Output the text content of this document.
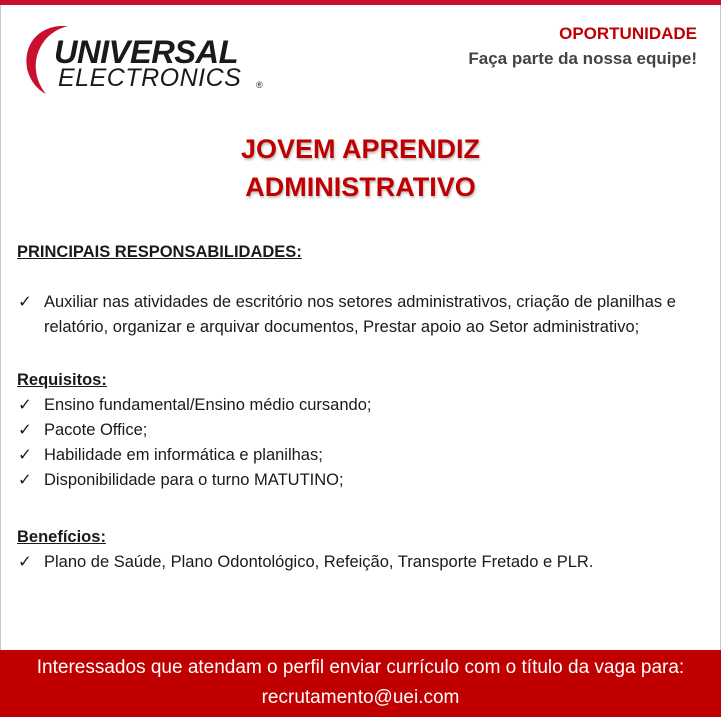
UNIVERSAL
ELECTRONICS ®
OPORTUNIDADE
Faça parte da nossa equipe!
JOVEM APRENDIZ
ADMINISTRATIVO
PRINCIPAIS RESPONSABILIDADES:
✓ Auxiliar nas atividades de escritório nos setores administrativos, criação de planilhas e relatório, organizar e arquivar documentos, Prestar apoio ao Setor administrativo;
Requisitos:
✓ Ensino fundamental/Ensino médio cursando;
✓ Pacote Office;
✓ Habilidade em informática e planilhas;
✓ Disponibilidade para o turno MATUTINO;
Benefícios:
✓ Plano de Saúde, Plano Odontológico, Refeição, Transporte Fretado e PLR.
Interessados que atendam o perfil enviar currículo com o título da vaga para:
recrutamento@uei.com
